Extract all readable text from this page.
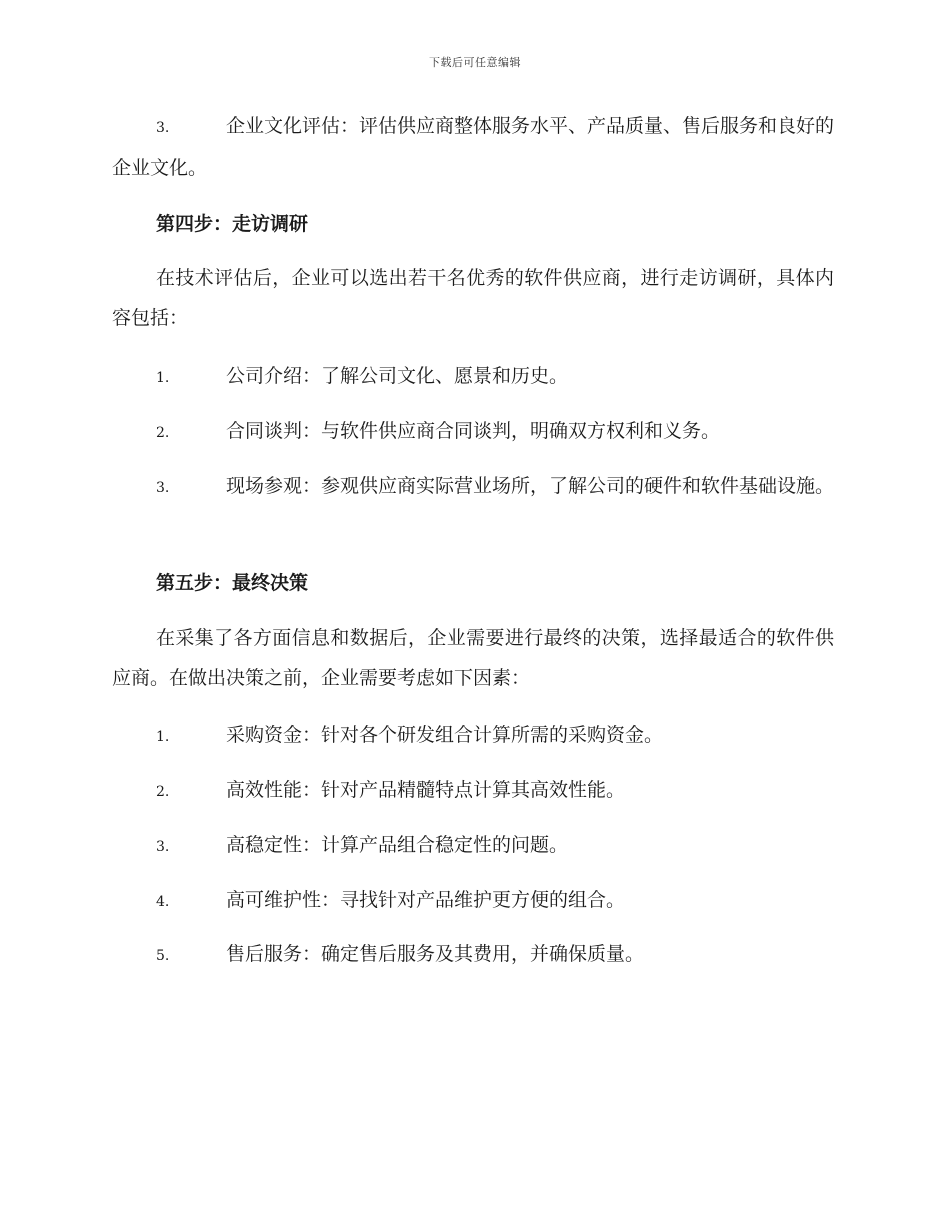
下载后可任意编辑
3.	企业文化评估：评估供应商整体服务水平、产品质量、售后服务和良好的企业文化。
第四步：走访调研
在技术评估后，企业可以选出若干名优秀的软件供应商，进行走访调研，具体内容包括：
1.	公司介绍：了解公司文化、愿景和历史。
2.	合同谈判：与软件供应商合同谈判，明确双方权利和义务。
3.	现场参观：参观供应商实际营业场所，了解公司的硬件和软件基础设施。
第五步：最终决策
在采集了各方面信息和数据后，企业需要进行最终的决策，选择最适合的软件供应商。在做出决策之前，企业需要考虑如下因素：
1.	采购资金：针对各个研发组合计算所需的采购资金。
2.	高效性能：针对产品精髓特点计算其高效性能。
3.	高稳定性：计算产品组合稳定性的问题。
4.	高可维护性：寻找针对产品维护更方便的组合。
5.	售后服务：确定售后服务及其费用，并确保质量。
